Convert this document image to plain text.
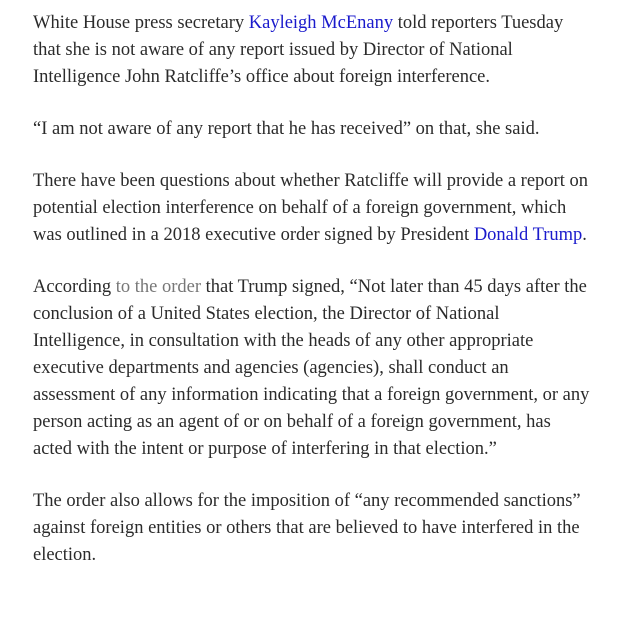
White House press secretary Kayleigh McEnany told reporters Tuesday that she is not aware of any report issued by Director of National Intelligence John Ratcliffe’s office about foreign interference.

“I am not aware of any report that he has received” on that, she said.

There have been questions about whether Ratcliffe will provide a report on potential election interference on behalf of a foreign government, which was outlined in a 2018 executive order signed by President Donald Trump.

According to the order that Trump signed, “Not later than 45 days after the conclusion of a United States election, the Director of National Intelligence, in consultation with the heads of any other appropriate executive departments and agencies (agencies), shall conduct an assessment of any information indicating that a foreign government, or any person acting as an agent of or on behalf of a foreign government, has acted with the intent or purpose of interfering in that election.”

The order also allows for the imposition of “any recommended sanctions” against foreign entities or others that are believed to have interfered in the election.
